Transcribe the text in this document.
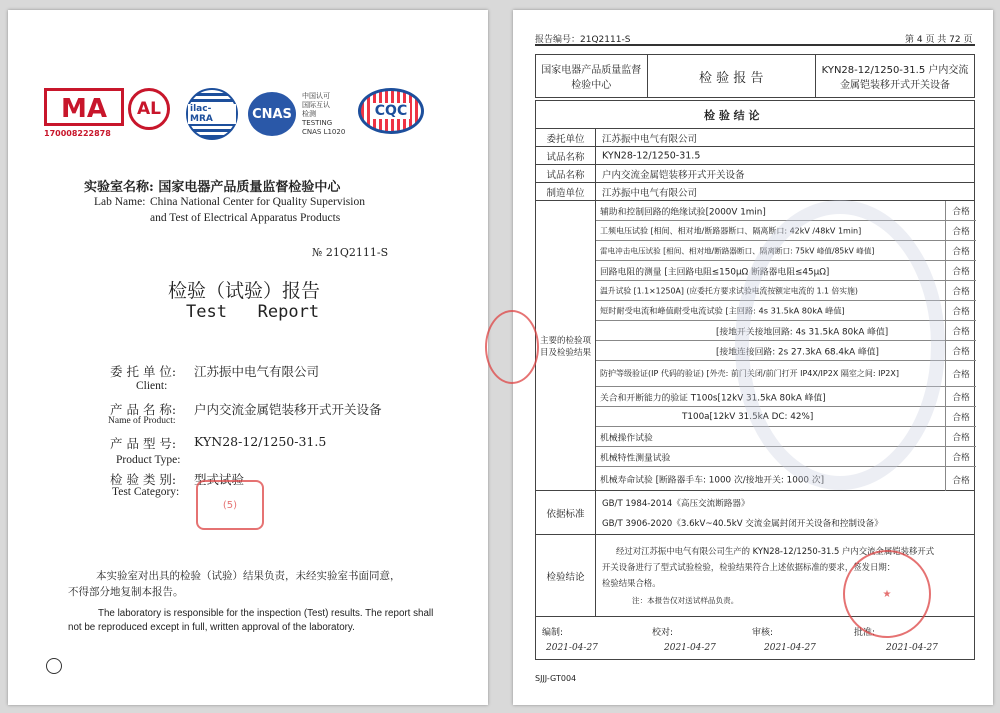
MA
170008222878
AL	ilac-MRA	CNAS
中国认可
国际互认
检测
TESTING
CNAS L1020
CQC
实验室名称: 国家电器产品质量监督检验中心
Lab Name: China National Center for Quality Supervision
and Test of Electrical Apparatus Products
№ 21Q2111-S
检验（试验）报告
Test   Report
委 托 单 位: 江苏振中电气有限公司
Client:
产 品 名 称: 户内交流金属铠装移开式开关设备
Name of Product:
产 品 型 号: KYN28-12/1250-31.5
Product Type:
检 验 类 别: 型式试验
Test Category:
(5)
本实验室对出具的检验（试验）结果负责，未经实验室书面同意，
不得部分地复制本报告。
The laboratory is responsible for the inspection (Test) results. The report shall
not be reproduced except in full, written approval of the laboratory.
报告编号：21Q2111-S	第 4 页 共 72 页
国家电器产品质量监督检验中心	检 验 报 告	KYN28-12/1250-31.5 户内交流金属铠装移开式开关设备
检 验 结 论
委托单位	江苏振中电气有限公司
试品名称	KYN28-12/1250-31.5
试品名称	户内交流金属铠装移开式开关设备
制造单位	江苏振中电气有限公司
主要的检验项目及检验结果
辅助和控制回路的绝缘试验[2000V 1min]	合格
工频电压试验 [相间、相对地/断路器断口、隔离断口: 42kV /48kV 1min]	合格
雷电冲击电压试验 [相间、相对地/断路器断口、隔离断口: 75kV 峰值/85kV 峰值]	合格
回路电阻的测量 [主回路电阻≤150μΩ 断路器电阻≤45μΩ]	合格
温升试验 [1.1×1250A] (应委托方要求试验电流按额定电流的 1.1 倍实施)	合格
短时耐受电流和峰值耐受电流试验 [主回路: 4s 31.5kA 80kA 峰值]	合格
[接地开关接地回路: 4s 31.5kA 80kA 峰值]	合格
[接地连接回路: 2s 27.3kA 68.4kA 峰值]	合格
防护等级验证(IP 代码的验证) [外壳: 前门关闭/前门打开 IP4X/IP2X 隔室之间: IP2X]	合格
关合和开断能力的验证 T100s[12kV 31.5kA 80kA 峰值]	合格
T100a[12kV 31.5kA DC: 42%]	合格
机械操作试验	合格
机械特性测量试验	合格
机械寿命试验 [断路器手车: 1000 次/接地开关: 1000 次]	合格
依据标准
GB/T 1984-2014《高压交流断路器》
GB/T 3906-2020《3.6kV~40.5kV 交流金属封闭开关设备和控制设备》
检验结论
经过对江苏振中电气有限公司生产的 KYN28-12/1250-31.5 户内交流金属铠装移开式
开关设备进行了型式试验检验，检验结果符合上述依据标准的要求，签发日期：
检验结果合格。
注：本报告仅对送试样品负责。
编制:
2021-04-27
校对:
2021-04-27
审核:
2021-04-27
批准:
2021-04-27
★
SJJJ-GT004
